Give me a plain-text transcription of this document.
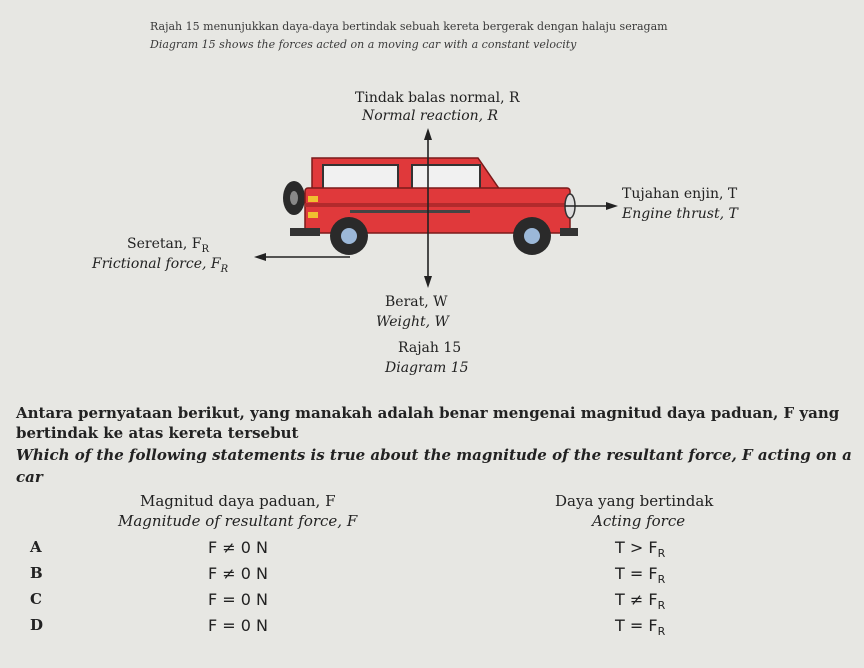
Rajah 15 menunjukkan daya-daya bertindak sebuah kereta bergerak dengan halaju seragam
Diagram 15 shows the forces acted on a moving car with a constant velocity
Tindak balas normal, R
Normal reaction, R
Tujahan enjin, T
Engine thrust, T
Seretan, $F_R$
Frictional force, $F_R$
Berat, W
Weight, W
Rajah 15
Diagram 15
Antara pernyataan berikut, yang manakah adalah benar mengenai magnitud daya paduan, F yang
bertindak ke atas kereta tersebut
Which of the following statements is true about the magnitude of the resultant force, F acting on a
car
Magnitud daya paduan, F
Magnitude of resultant force, F
Daya yang bertindak
Acting force
A	F ≠ 0 N	$T > F_R$
B	F ≠ 0 N	$T = F_R$
C	F = 0 N	$T \ne F_R$
D	F = 0 N	$T = F_R$
